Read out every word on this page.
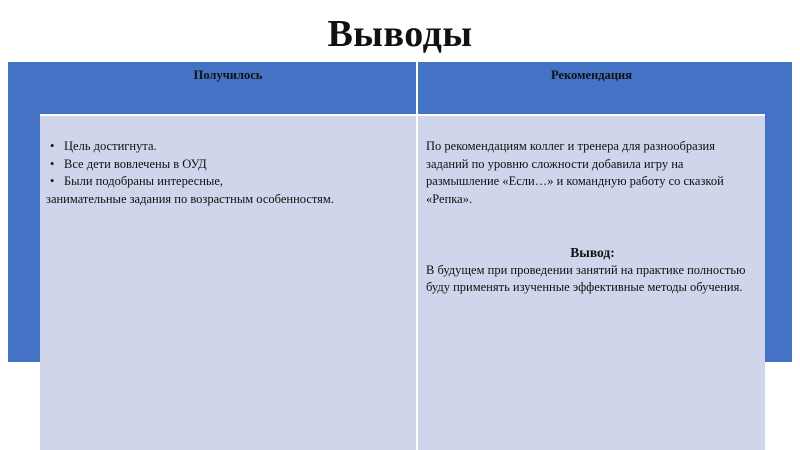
Выводы
Получилось	Рекомендация
• Цель достигнута.
• Все дети вовлечены в ОУД
• Были подобраны интересные,
занимательные задания по возрастным особенностям.
По рекомендациям коллег и тренера для разнообразия заданий по уровню сложности добавила игру на размышление «Если…» и командную работу со сказкой «Репка».
Вывод:
В будущем при проведении занятий на практике полностью буду применять изученные эффективные методы обучения.
